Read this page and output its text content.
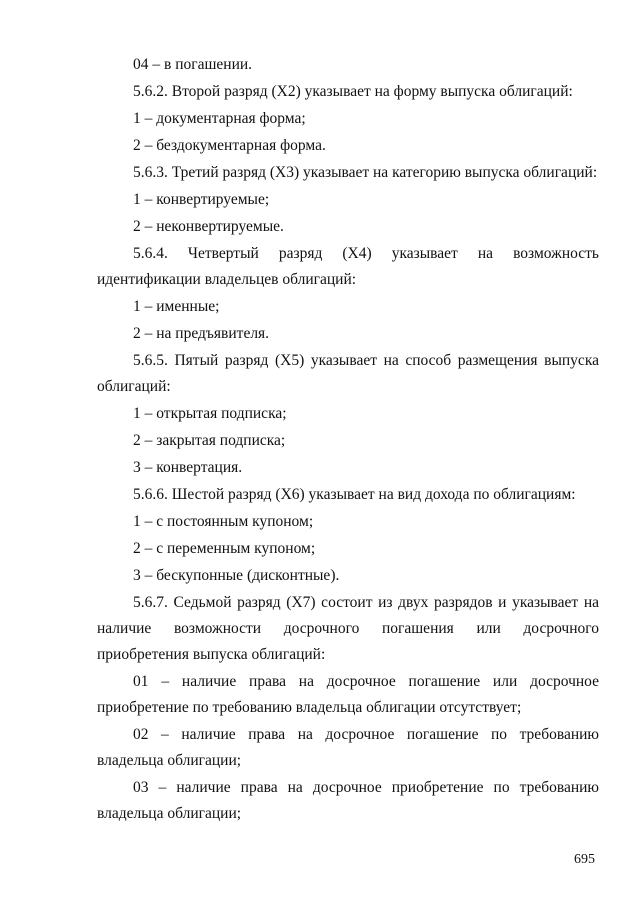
04 – в погашении.

5.6.2. Второй разряд (X2) указывает на форму выпуска облигаций:

1 – документарная форма;

2 – бездокументарная форма.

5.6.3. Третий разряд (X3) указывает на категорию выпуска облигаций:

1 – конвертируемые;

2 – неконвертируемые.

5.6.4. Четвертый разряд (X4) указывает на возможность идентификации владельцев облигаций:

1 – именные;

2 – на предъявителя.

5.6.5. Пятый разряд (X5) указывает на способ размещения выпуска облигаций:

1 – открытая подписка;

2 – закрытая подписка;

3 – конвертация.

5.6.6. Шестой разряд (X6) указывает на вид дохода по облигациям:

1 – с постоянным купоном;

2 – с переменным купоном;

3 – бескупонные (дисконтные).

5.6.7. Седьмой разряд (X7) состоит из двух разрядов и указывает на наличие возможности досрочного погашения или досрочного приобретения выпуска облигаций:

01 – наличие права на досрочное погашение или досрочное приобретение по требованию владельца облигации отсутствует;

02 – наличие права на досрочное погашение по требованию владельца облигации;

03 – наличие права на досрочное приобретение по требованию владельца облигации;

695
